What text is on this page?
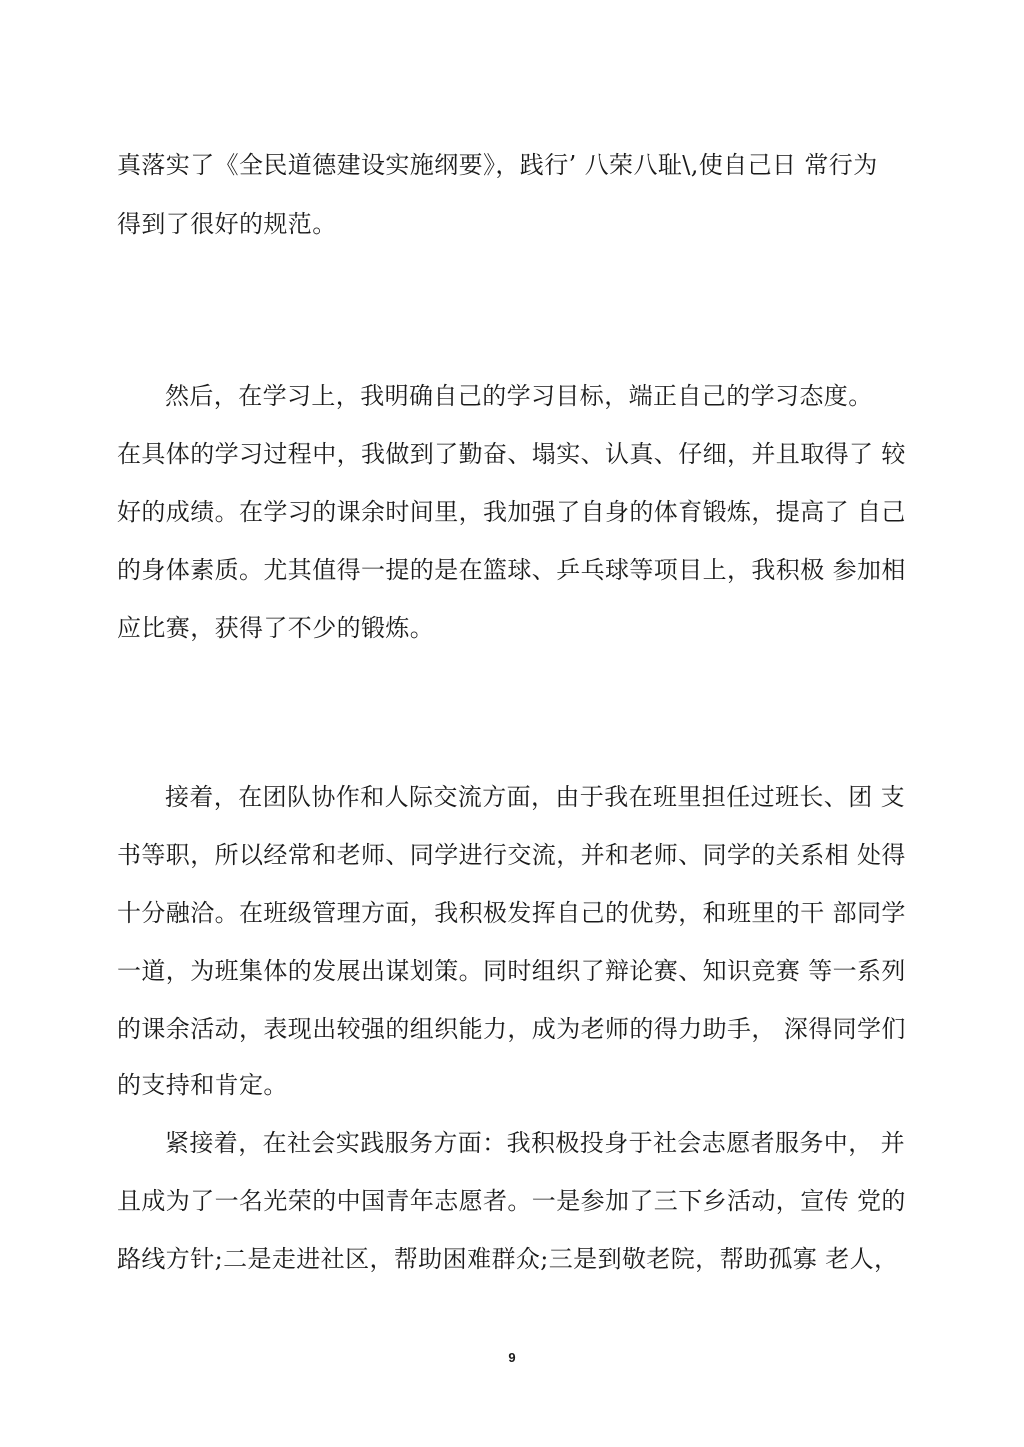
真落实了《全民道德建设实施纲要》，践行’ 八荣八耻\,使自己日 常行为
得到了很好的规范。
然后，在学习上，我明确自己的学习目标，端正自己的学习态度。
在具体的学习过程中，我做到了勤奋、塌实、认真、仔细，并且取得了 较
好的成绩。在学习的课余时间里，我加强了自身的体育锻炼，提高了 自己
的身体素质。尤其值得一提的是在篮球、乒乓球等项目上，我积极 参加相
应比赛，获得了不少的锻炼。
接着，在团队协作和人际交流方面，由于我在班里担任过班长、团 支
书等职，所以经常和老师、同学进行交流，并和老师、同学的关系相 处得
十分融洽。在班级管理方面，我积极发挥自己的优势，和班里的干 部同学
一道，为班集体的发展出谋划策。同时组织了辩论赛、知识竞赛 等一系列
的课余活动，表现出较强的组织能力，成为老师的得力助手， 深得同学们
的支持和肯定。
紧接着，在社会实践服务方面：我积极投身于社会志愿者服务中， 并
且成为了一名光荣的中国青年志愿者。一是参加了三下乡活动，宣传 党的
路线方针;二是走进社区，帮助困难群众;三是到敬老院，帮助孤寡 老人，
9
